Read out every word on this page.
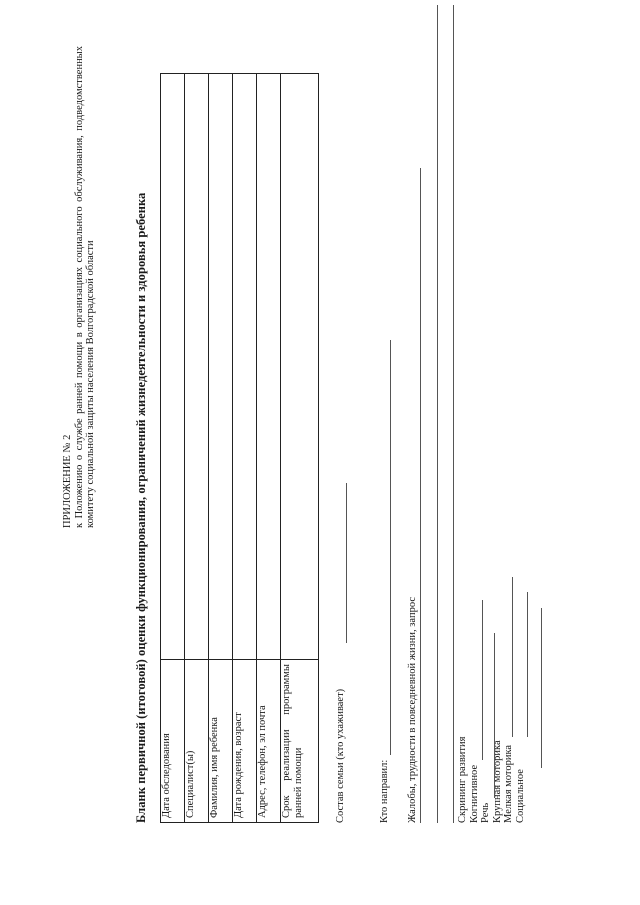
ПРИЛОЖЕНИЕ № 2 к Положению о службе ранней помощи в организациях социального обслуживания, подведомственных комитету социальной защиты населения Волгоградской области	Бланк первичной (итоговой) оценки функционирования, ограничений жизнедеятельности и здоровья ребенка Дата обследования	
Специалист(ы)	
Фамилия, имя ребенка	
Дата рождения, возраст	
Адрес, телефон, эл почта	
Срок реализации программы ранней помощи		Состав семьи (кто ухаживает)	Кто направил: Жалобы, трудности в повседневной жизни, запрос	Скрининг развития Когнитивное Речь Крупная моторика Мелкая моторика Социальное
